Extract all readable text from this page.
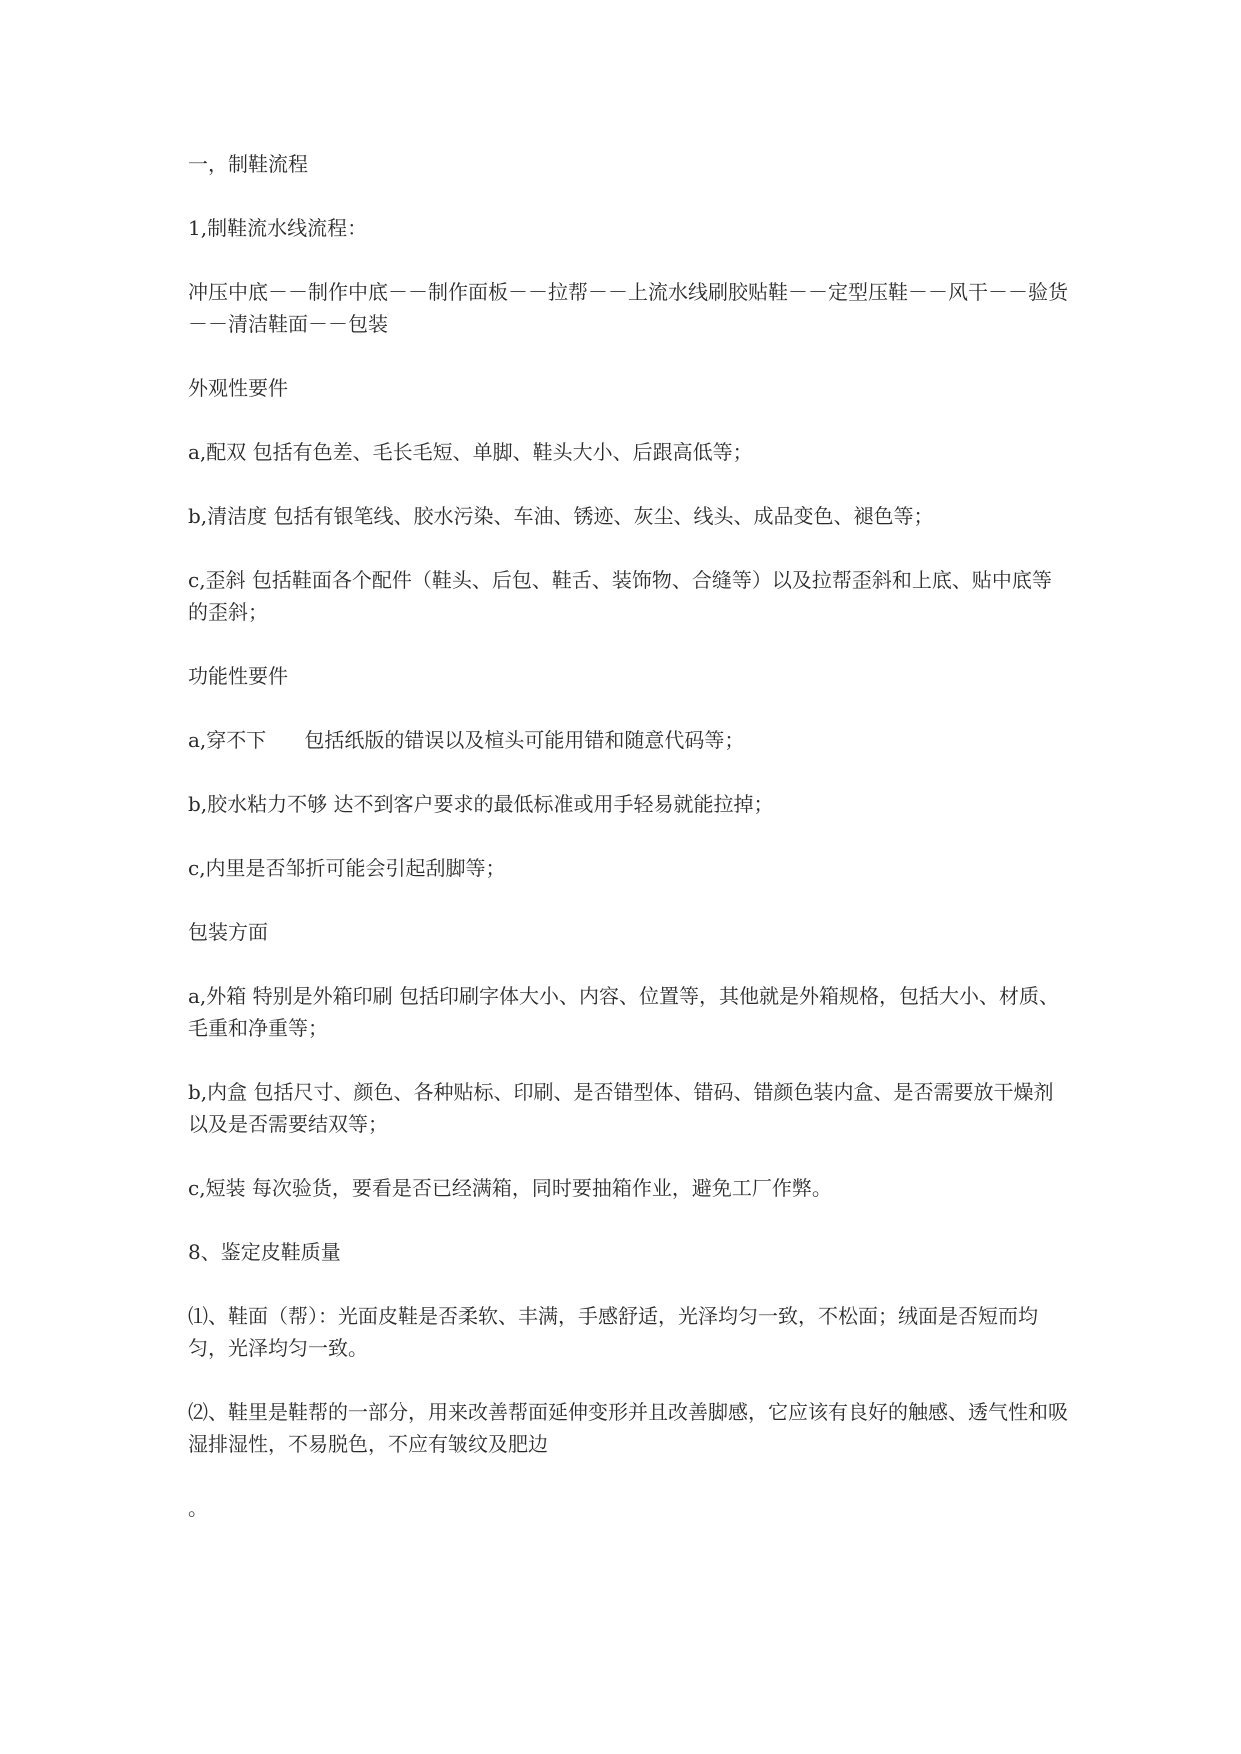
一，制鞋流程

1,制鞋流水线流程：

冲压中底－－制作中底－－制作面板－－拉帮－－上流水线刷胶贴鞋－－定型压鞋－－风干－－验货－－清洁鞋面－－包装

外观性要件

a,配双 包括有色差、毛长毛短、单脚、鞋头大小、后跟高低等；

b,清洁度 包括有银笔线、胶水污染、车油、锈迹、灰尘、线头、成品变色、褪色等；

c,歪斜 包括鞋面各个配件（鞋头、后包、鞋舌、装饰物、合缝等）以及拉帮歪斜和上底、贴中底等的歪斜；

功能性要件

a,穿不下      包括纸版的错误以及楦头可能用错和随意代码等；

b,胶水粘力不够 达不到客户要求的最低标准或用手轻易就能拉掉；

c,内里是否邹折可能会引起刮脚等；

包装方面

a,外箱 特别是外箱印刷 包括印刷字体大小、内容、位置等，其他就是外箱规格，包括大小、材质、毛重和净重等；

b,内盒 包括尺寸、颜色、各种贴标、印刷、是否错型体、错码、错颜色装内盒、是否需要放干燥剂以及是否需要结双等；

c,短装 每次验货，要看是否已经满箱，同时要抽箱作业，避免工厂作弊。

8、鉴定皮鞋质量

⑴、鞋面（帮）：光面皮鞋是否柔软、丰满，手感舒适，光泽均匀一致，不松面；绒面是否短而均匀，光泽均匀一致。

⑵、鞋里是鞋帮的一部分，用来改善帮面延伸变形并且改善脚感，它应该有良好的触感、透气性和吸湿排湿性，不易脱色，不应有皱纹及肥边

。
